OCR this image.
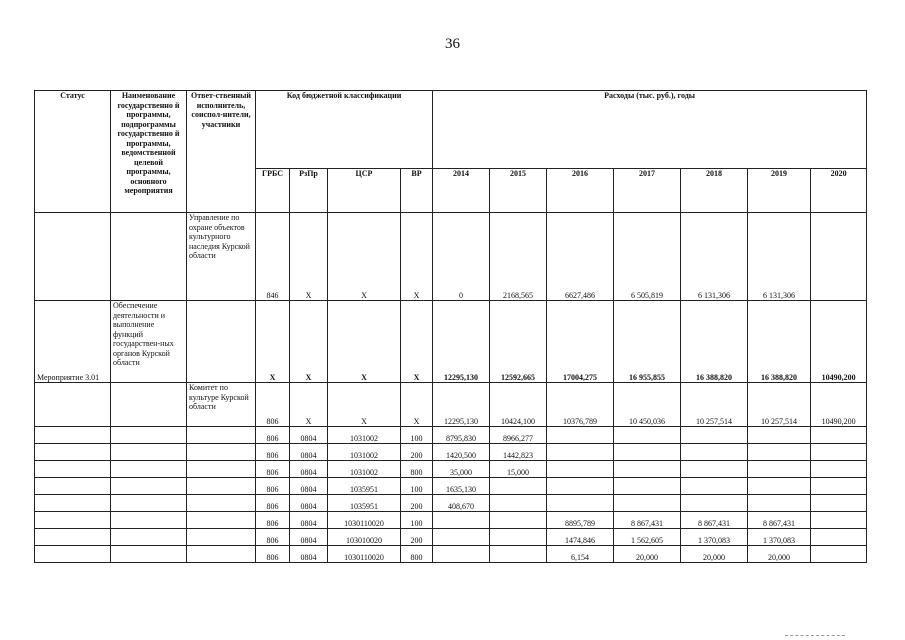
36
Статус	Наименование государственно й программы, подпрограммы государственно й программы, ведомственной целевой программы, основного мероприятия	Ответ-ственный исполнитель, соиспол-нители, участники	Код бюджетной классификации				Расходы (тыс. руб.), годы						
			ГРБС	РзПр	ЦСР	ВР	2014	2015	2016	2017	2018	2019	2020
		Управление по охране объектов культурного наследия Курской области	846	Х	Х	Х	0	2168,565	6627,486	6 505,819	6 131,306	6 131,306	
Мероприятие 3.01	Обеспечение деятельности и выполнение функций государствен-ных органов Курской области		Х	Х	Х	Х	12295,130	12592,665	17004,275	16 955,855	16 388,820	16 388,820	10490,200
		Комитет по культуре Курской области	806	Х	Х	Х	12295,130	10424,100	10376,789	10 450,036	10 257,514	10 257,514	10490,200
			806	0804	1031002	100	8795,830	8966,277					
			806	0804	1031002	200	1420,500	1442,823					
			806	0804	1031002	800	35,000	15,000					
			806	0804	1035951	100	1635,130						
			806	0804	1035951	200	408,670						
			806	0804	1030110020	100			8895,789	8 867,431	8 867,431	8 867,431	
			806	0804	103010020	200			1474,846	1 562,605	1 370,083	1 370,083	
			806	0804	1030110020	800			6,154	20,000	20,000	20,000	
